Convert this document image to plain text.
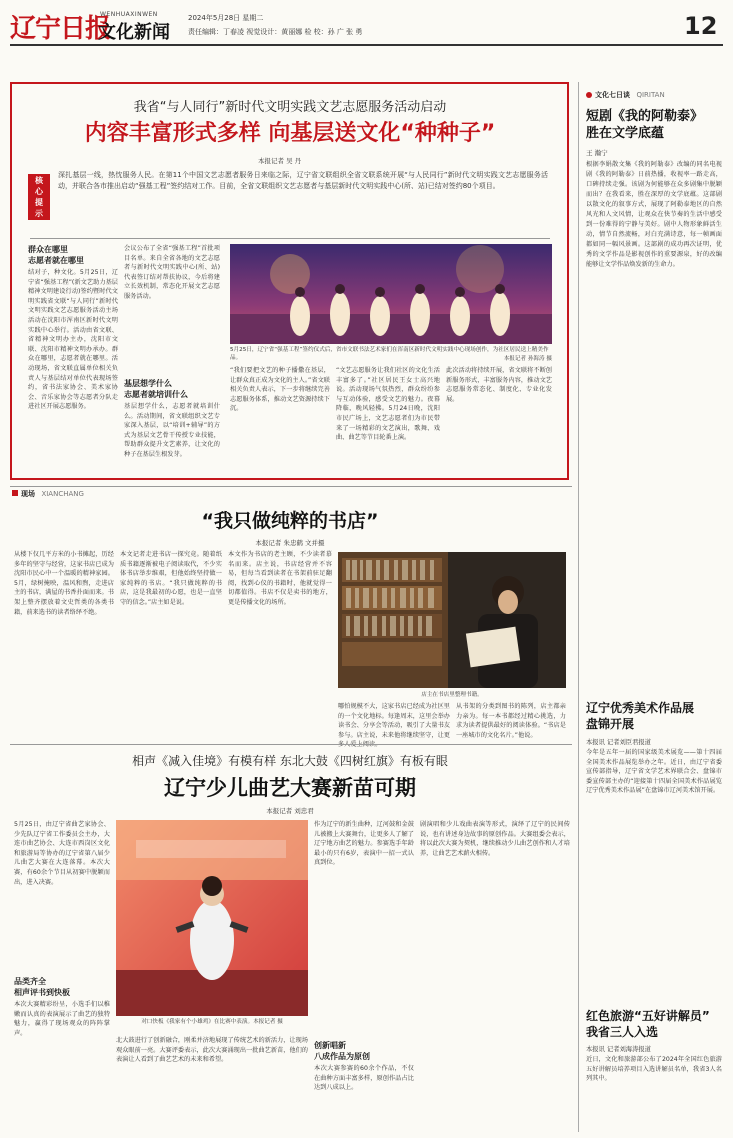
辽宁日报
WENHUAXINWEN
文化新闻
2024年5月28日 星期二
责任编辑：丁春凌 视觉设计：黄丽娜 检 校：孙 广 张 勇	12
我省“与人同行”新时代文明实践文艺志愿服务活动启动
内容丰富形式多样 向基层送文化“种种子”
本报记者 吴 丹
核心提示
深扎基层一线，热忱服务人民。在第11个中国文艺志愿者服务日来临之际，辽宁省文联组织全省文联系统开展“与人民同行”新时代文明实践文艺志愿服务活动，并联合各市推出启动“强基工程”签约结对工作。目前，全省文联组织文艺志愿者与基层新时代文明实践中心(所、站)已结对签约80个项目。
群众在哪里
志愿者就在哪里
结对子，种文化。5月25日，辽宁省“强基工程”(新文艺助力基层精神文明建设行动)签约暨时代文明实践省文联“与人同行”新时代文明实践文艺志愿服务活动主场活动在沈阳市浑南区新时代文明实践中心举行。活动由省文联、省精神文明办主办，沈阳市文联、沈阳市精神文明办承办。群众在哪里，志愿者就在哪里。活动现场，省文联直属单位相关负责人与基层结对单位代表现场签约，省书法家协会、美术家协会、音乐家协会等志愿者分队走进社区开展志愿服务。
会议公布了全省“强基工程”首批项目名单。来自全省各地的文艺志愿者与新时代文明实践中心(所、站)代表签订结对帮扶协议，今后将建立长效机制，常态化开展文艺志愿服务活动。
基层想学什么
志愿者就培训什么
基层想学什么，志愿者就培训什么。活动期间，省文联组织文艺专家深入基层，以“培训+辅导”的方式为基层文艺骨干传授专业技能，帮助群众提升文艺素养，让文化的种子在基层生根发芽。
5月25日，辽宁省“强基工程”签约仪式后，省市文联书法艺术家们在浑南区新时代文明实践中心现场创作，为社区居民送上精美作品。	本报记者 孙海涛 摄
“我们要把文艺的种子播撒在基层，让群众真正成为文化的主人。”省文联相关负责人表示，下一步将继续完善志愿服务体系，推动文艺资源持续下沉。
“文艺志愿服务让我们社区的文化生活丰富多了。”社区居民王女士高兴地说。活动现场气氛热烈，群众纷纷参与互动体验，感受文艺的魅力。夜幕降临，晚风轻拂。5月24日晚，沈阳市民广场上，文艺志愿者们为市民带来了一场精彩的文艺演出，歌舞、戏曲、曲艺等节目轮番上演。
此次活动将持续开展，省文联将不断创新服务形式，丰富服务内容，推动文艺志愿服务常态化、制度化、专业化发展。
文化七日谈 QIRITAN
短剧《我的阿勒泰》
胜在文学底蕴
王 瀚宁
根据李娟散文集《我的阿勒泰》改编的同名电视剧《我的阿勒泰》日前热播，收视率一路走高，口碑持续走强。该剧为何能够在众多剧集中脱颖而出？在我看来，胜在深厚的文学底蕴。这部剧以散文化的叙事方式，展现了阿勒泰地区的自然风光和人文风情，让观众在快节奏的生活中感受到一份难得的宁静与美好。剧中人物形象鲜活生动，情节自然流畅，对白充满诗意，每一帧画面都如同一幅风景画。这部剧的成功再次证明，优秀的文学作品是影视创作的重要源泉，好的改编能够让文学作品焕发新的生命力。
辽宁优秀美术作品展
盘锦开展
本报讯 记者刘臣君报道
今年是五年一届的国家级美术展览——第十四届全国美术作品展览举办之年。近日，由辽宁省委宣传部指导，辽宁省文学艺术界联合会、盘锦市委宣传部主办的“迎接第十四届全国美术作品展览辽宁优秀美术作品展”在盘锦市辽河美术馆开展。
红色旅游“五好讲解员”
我省三人入选
本报讯 记者刘海涛报道
近日，文化和旅游部公布了2024年全国红色旅游五好讲解员培养项目入选讲解员名单，我省3人名列其中。
现场 XIANCHANG
“我只做纯粹的书店”
本报记者 朱忠鹤 文并摄
从楼下仅几平方米的小书摊起，历经多年的坚守与经营，这家书店已成为沈阳市民心中一个温暖的精神家园。5月，绿树掩映，温风和煦，走进店主的书店，满屋的书香扑面而来。书架上整齐摆放着文史哲类的各类书籍，前来选书的读者络绎不绝。
本文记者走进书店一探究竟。随着纸质书籍逐渐被电子阅读取代，不少实体书店举步维艰，但他始终坚持做一家纯粹的书店。“我只做纯粹的书店，这是我最初的心愿，也是一直坚守的信念。”店主如是说。
本文作为书店的老主顾，不少读者慕名而来。店主说，书店经营并不容易，但每当看到读者在书架前驻足翻阅，找到心仪的书籍时，他就觉得一切都值得。书店不仅是卖书的地方，更是传播文化的场所。
店主在书店里整理书籍。
哪怕规模不大，这家书店已经成为社区里的一个文化地标。每逢周末，这里会举办读书会、分享会等活动，吸引了大量书友参与。店主说，未来他将继续坚守，让更
从书架的分类到图书的陈列，店主都亲力亲为。每一本书都经过精心挑选，力求为读者提供最好的阅读体验。“书店是一座城市的文化名片。”他说。
相声《减入佳境》有模有样 东北大鼓《四树红旗》有板有眼
辽宁少儿曲艺大赛新苗可期
本报记者 刘忠君
5月25日，由辽宁省曲艺家协会、少先队辽宁省工作委员会主办，大连市曲艺协会、大连市西岗区文化和旅游局等协办的辽宁省第八届少儿曲艺大赛在大连落幕。本次大赛，有60余个节目从初赛中脱颖而出，进入决赛。
品类齐全
相声评书到快板
本次大赛精彩纷呈，小选手们以稚嫩而认真的表演展示了曲艺的独特魅力，赢得了现场观众的阵阵掌声。
对口快板《我家有个小雄鸡》在比赛中表演。本报记者 摄
北大鼓进行了创新融合，刚柔并济地展现了传统艺术的新活力，让现场观众眼前一亮。大赛评委表示，此次大赛涌现出一批曲艺新苗，他们的表演让人看到了曲艺艺术的未来和希望。
作为辽宁的新生曲种，辽河鼓和金鼓儿被搬上大赛舞台，让更多人了解了辽宁地方曲艺的魅力。参赛选手年龄最小的只有6岁，表演中一招一式认真到位。
创新唱新
八成作品为原创
本次大赛参赛的60余个作品，不仅在曲种方面丰富多样，原创作品占比达到八成以上。
剧演唱和少儿戏曲表演等形式，演绎了辽宁的民间传说，也有讲述身边故事的原创作品。大赛组委会表示，将以此次大赛为契机，继续推动少儿曲艺创作和人才培养，让曲艺艺术薪火相传。
